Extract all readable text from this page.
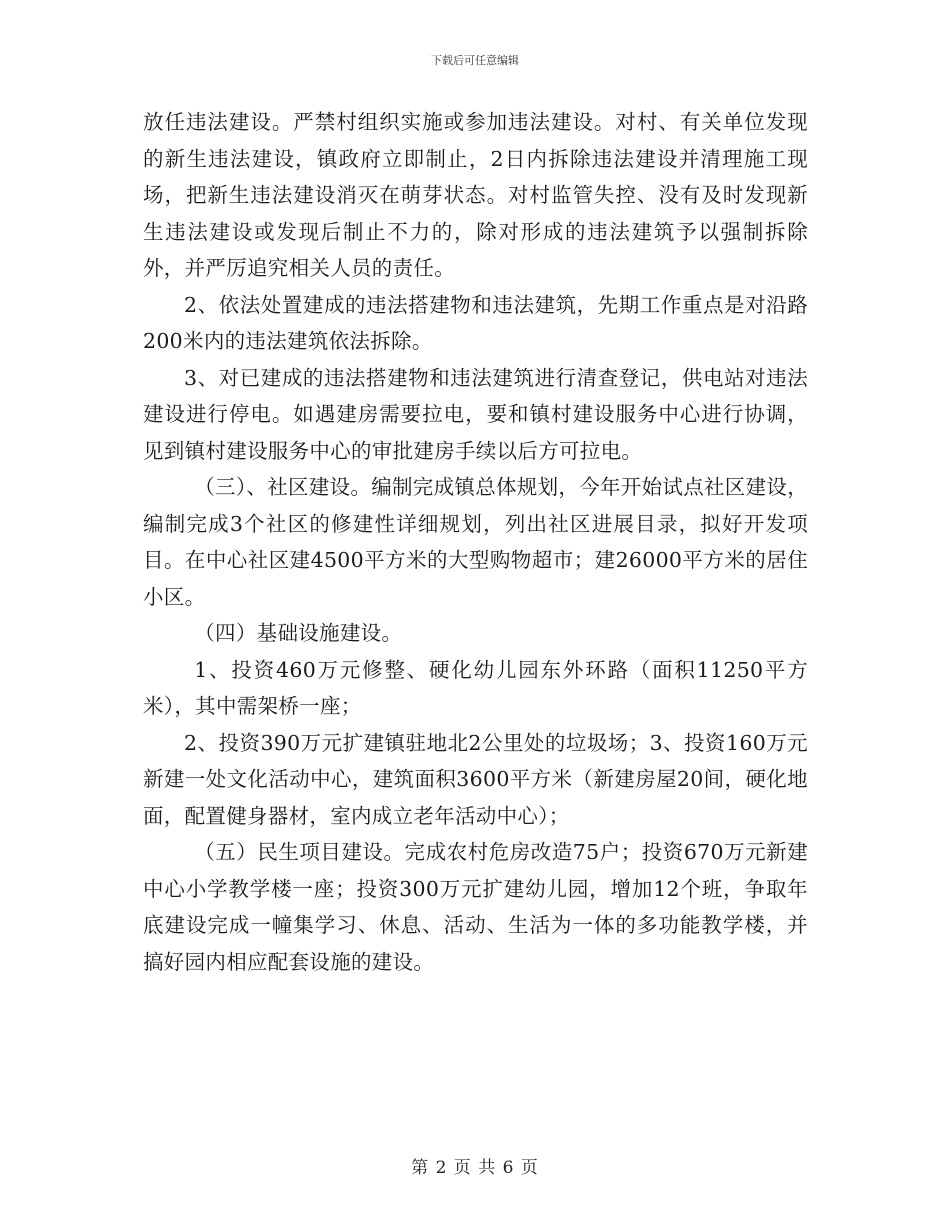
下载后可任意编辑

放任违法建设。严禁村组织实施或参加违法建设。对村、有关单位发现的新生违法建设，镇政府立即制止，2日内拆除违法建设并清理施工现场，把新生违法建设消灭在萌芽状态。对村监管失控、没有及时发现新生违法建设或发现后制止不力的，除对形成的违法建筑予以强制拆除外，并严厉追究相关人员的责任。

2、依法处置建成的违法搭建物和违法建筑，先期工作重点是对沿路200米内的违法建筑依法拆除。

3、对已建成的违法搭建物和违法建筑进行清查登记，供电站对违法建设进行停电。如遇建房需要拉电，要和镇村建设服务中心进行协调，见到镇村建设服务中心的审批建房手续以后方可拉电。

（三）、社区建设。编制完成镇总体规划，今年开始试点社区建设，编制完成3个社区的修建性详细规划，列出社区进展目录，拟好开发项目。在中心社区建4500平方米的大型购物超市；建26000平方米的居住小区。

（四）基础设施建设。

1、投资460万元修整、硬化幼儿园东外环路（面积11250平方米），其中需架桥一座；

2、投资390万元扩建镇驻地北2公里处的垃圾场；3、投资160万元新建一处文化活动中心，建筑面积3600平方米（新建房屋20间，硬化地面，配置健身器材，室内成立老年活动中心）；

（五）民生项目建设。完成农村危房改造75户；投资670万元新建中心小学教学楼一座；投资300万元扩建幼儿园，增加12个班，争取年底建设完成一幢集学习、休息、活动、生活为一体的多功能教学楼，并搞好园内相应配套设施的建设。

第 2 页 共 6 页
